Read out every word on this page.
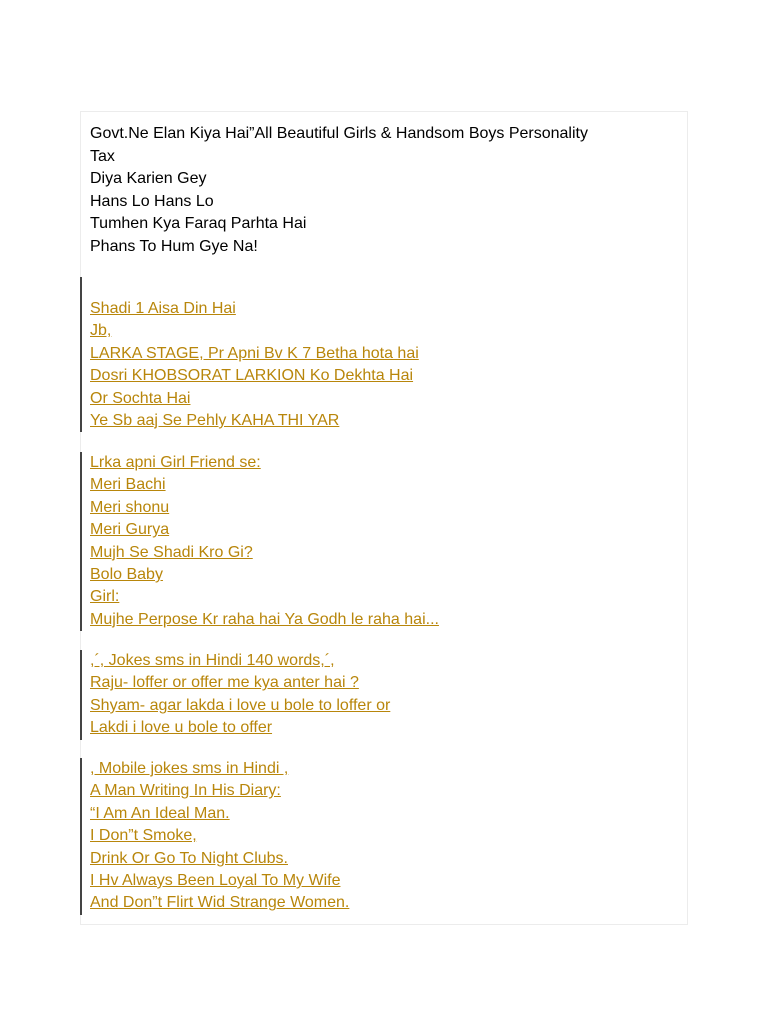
Govt.Ne Elan Kiya Hai”All Beautiful Girls & Handsom Boys Personality
Tax
Diya Karien Gey
Hans Lo Hans Lo
Tumhen Kya Faraq Parhta Hai
Phans To Hum Gye Na!
Shadi 1 Aisa Din Hai
Jb,
LARKA STAGE, Pr Apni Bv K 7 Betha hota hai
Dosri KHOBSORAT LARKION Ko Dekhta Hai
Or Sochta Hai
Ye Sb aaj Se Pehly KAHA THI YAR
Lrka apni Girl Friend se:
Meri Bachi
Meri shonu
Meri Gurya
Mujh Se Shadi Kro Gi?
Bolo Baby
Girl:
Mujhe Perpose Kr raha hai Ya Godh le raha hai...
,´, Jokes sms in Hindi 140 words,´,
Raju- loffer or offer me kya anter hai ?
Shyam- agar lakda i love u bole to loffer or
Lakdi i love u bole to offer
, Mobile jokes sms in Hindi ,
A Man Writing In His Diary:
“I Am An Ideal Man.
I Don”t Smoke,
Drink Or Go To Night Clubs.
I Hv Always Been Loyal To My Wife
And Don”t Flirt Wid Strange Women.
